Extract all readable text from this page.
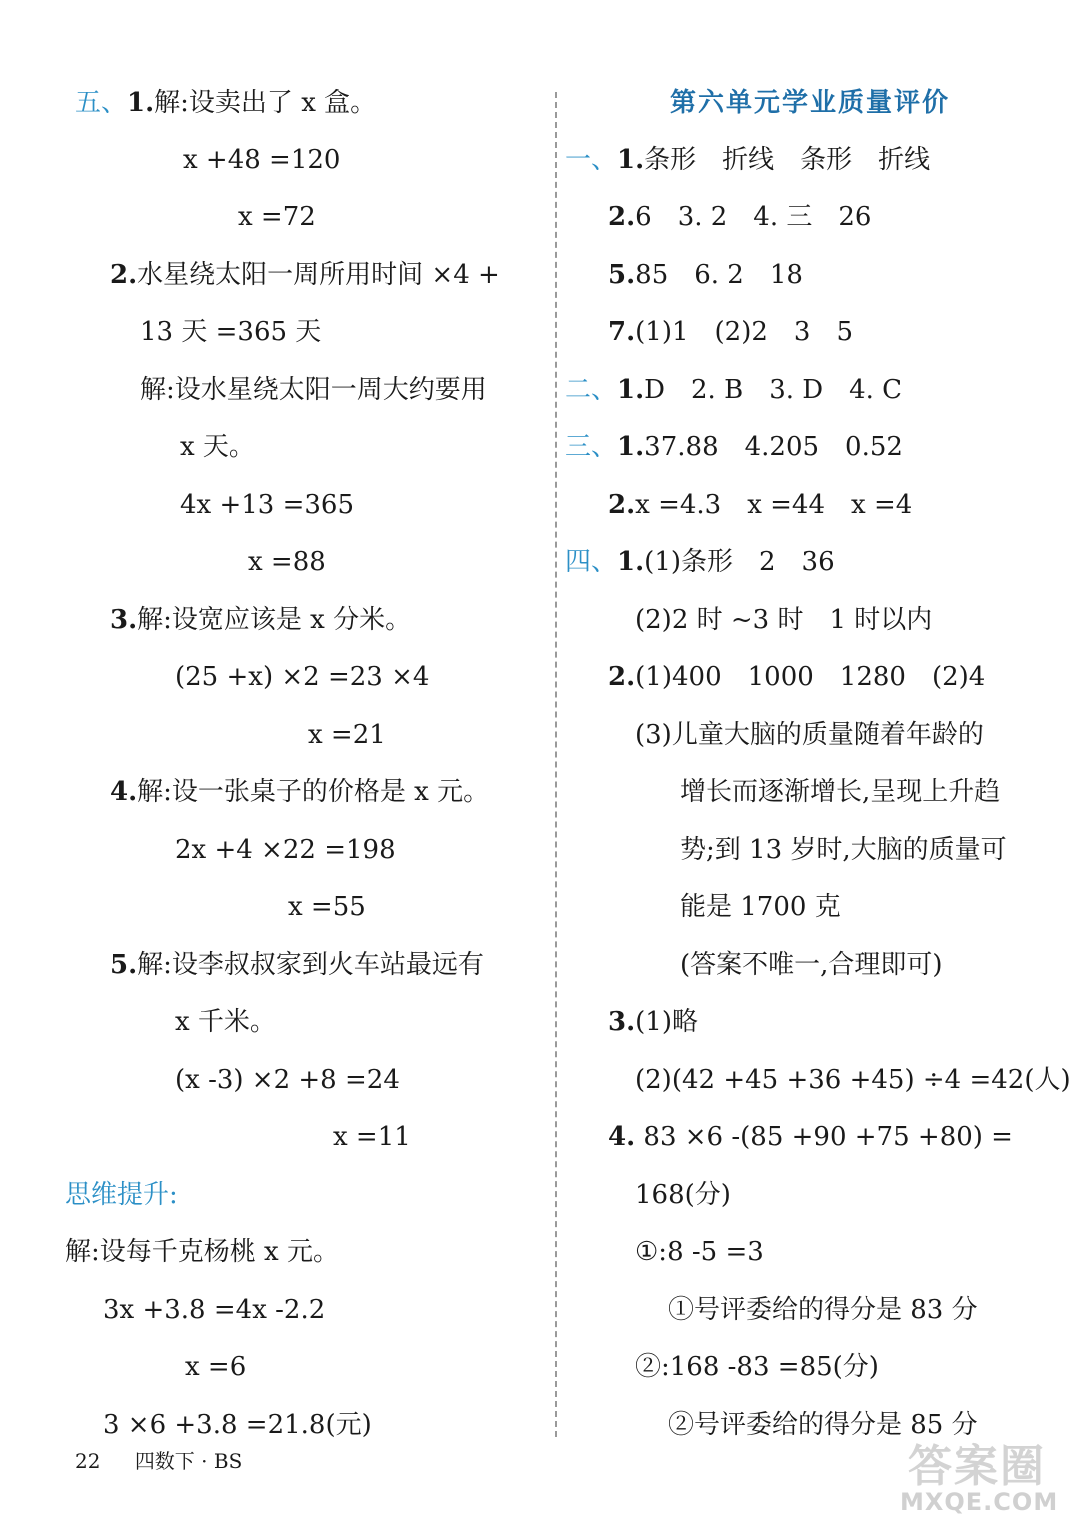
五、1.解:设卖出了 x 盒。
x +48 =120
x =72
2.水星绕太阳一周所用时间 ×4 +
13 天 =365 天
解:设水星绕太阳一周大约要用
x 天。
4x +13 =365
x =88
3.解:设宽应该是 x 分米。
(25 +x) ×2 =23 ×4
x =21
4.解:设一张桌子的价格是 x 元。
2x +4 ×22 =198
x =55
5.解:设李叔叔家到火车站最远有
x 千米。
(x -3) ×2 +8 =24
x =11
思维提升:
解:设每千克杨桃 x 元。
3x +3.8 =4x -2.2
x =6
3 ×6 +3.8 =21.8(元)
一、1.条形　折线　条形　折线
2.6　3. 2　4. 三　26
5.85　6. 2　18
7.(1)1　(2)2　3　5
二、1.D　2. B　3. D　4. C
三、1.37.88　4.205　0.52
2.x =4.3　x =44　x =4
四、1.(1)条形　2　36
(2)2 时 ~3 时　1 时以内
2.(1)400　1000　1280　(2)4
(3)儿童大脑的质量随着年龄的
增长而逐渐增长,呈现上升趋
势;到 13 岁时,大脑的质量可
能是 1700 克
(答案不唯一,合理即可)
3.(1)略
(2)(42 +45 +36 +45) ÷4 =42(人)
4. 83 ×6 -(85 +90 +75 +80) =
168(分)
①:8 -5 =3
①号评委给的得分是 83 分
②:168 -83 =85(分)
②号评委给的得分是 85 分
第六单元学业质量评价
22 四数下 · BS	答案圈
MXQE.COM
